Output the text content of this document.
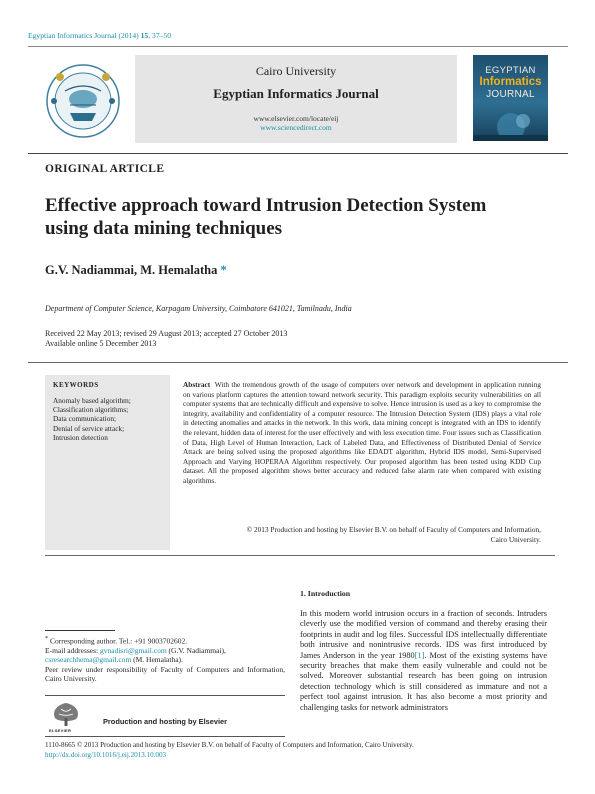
Egyptian Informatics Journal (2014) 15, 37–50
Cairo University
Egyptian Informatics Journal
www.elsevier.com/locate/eij
www.sciencedirect.com
EGYPTIAN
Informatics
JOURNAL
ORIGINAL ARTICLE
Effective approach toward Intrusion Detection System
using data mining techniques
G.V. Nadiammai, M. Hemalatha *
Department of Computer Science, Karpagam University, Coimbatore 641021, Tamilnadu, India
Received 22 May 2013; revised 29 August 2013; accepted 27 October 2013
Available online 5 December 2013
KEYWORDS
Anomaly based algorithm;
Classification algorithms;
Data communication;
Denial of service attack;
Intrusion detection
Abstract With the tremendous growth of the usage of computers over network and development in application running on various platform captures the attention toward network security. This paradigm exploits security vulnerabilities on all computer systems that are technically difficult and expensive to solve. Hence intrusion is used as a key to compromise the integrity, availability and confidentiality of a computer resource. The Intrusion Detection System (IDS) plays a vital role in detecting anomalies and attacks in the network. In this work, data mining concept is integrated with an IDS to identify the relevant, hidden data of interest for the user effectively and with less execution time. Four issues such as Classification of Data, High Level of Human Interaction, Lack of Labeled Data, and Effectiveness of Distributed Denial of Service Attack are being solved using the proposed algorithms like EDADT algorithm, Hybrid IDS model, Semi-Supervised Approach and Varying HOPERAA Algorithm respectively. Our proposed algorithm has been tested using KDD Cup dataset. All the proposed algorithm shows better accuracy and reduced false alarm rate when compared with existing algorithms.
© 2013 Production and hosting by Elsevier B.V. on behalf of Faculty of Computers and Information,
Cairo University.
1. Introduction
In this modern world intrusion occurs in a fraction of seconds. Intruders cleverly use the modified version of command and thereby erasing their footprints in audit and log files. Successful IDS intellectually differentiate both intrusive and nonintrusive records. IDS was first introduced by James Anderson in the year 1980[1]. Most of the existing systems have security breaches that make them easily vulnerable and could not be solved. Moreover substantial research has been going on intrusion detection technology which is still considered as immature and not a perfect tool against intrusion. It has also become a most priority and challenging tasks for network administrators
* Corresponding author. Tel.: +91 9003702602.
E-mail addresses: gvnadisri@gmail.com (G.V. Nadiammai), csresearchhema@gmail.com (M. Hemalatha).
Peer review under responsibility of Faculty of Computers and Information, Cairo University.
ELSEVIER
Production and hosting by Elsevier
1110-8665 © 2013 Production and hosting by Elsevier B.V. on behalf of Faculty of Computers and Information, Cairo University.
http://dx.doi.org/10.1016/j.eij.2013.10.003
